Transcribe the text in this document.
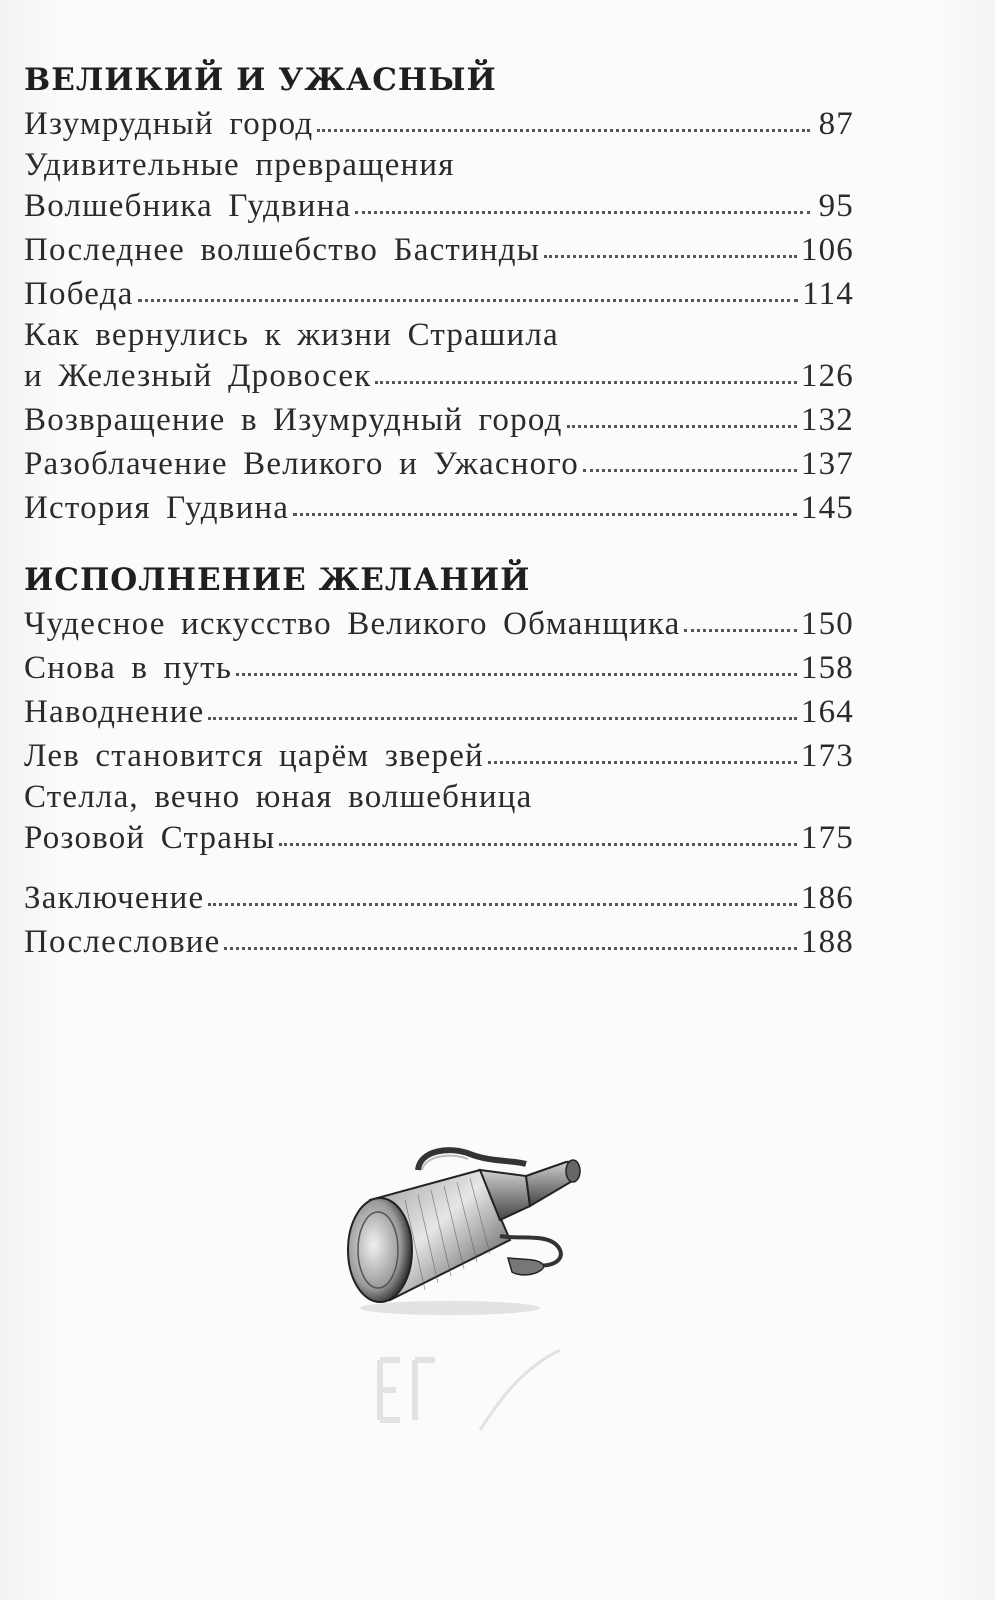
ВЕЛИКИЙ И УЖАСНЫЙ
Изумрудный город	87
Удивительные превращения
Волшебника Гудвина	95
Последнее волшебство Бастинды	106
Победа	114
Как вернулись к жизни Страшила
и Железный Дровосек	126
Возвращение в Изумрудный город	132
Разоблачение Великого и Ужасного	137
История Гудвина	145
ИСПОЛНЕНИЕ ЖЕЛАНИЙ
Чудесное искусство Великого Обманщика	150
Снова в путь	158
Наводнение	164
Лев становится царём зверей	173
Стелла, вечно юная волшебница
Розовой Страны	175
Заключение	186
Послесловие	188
